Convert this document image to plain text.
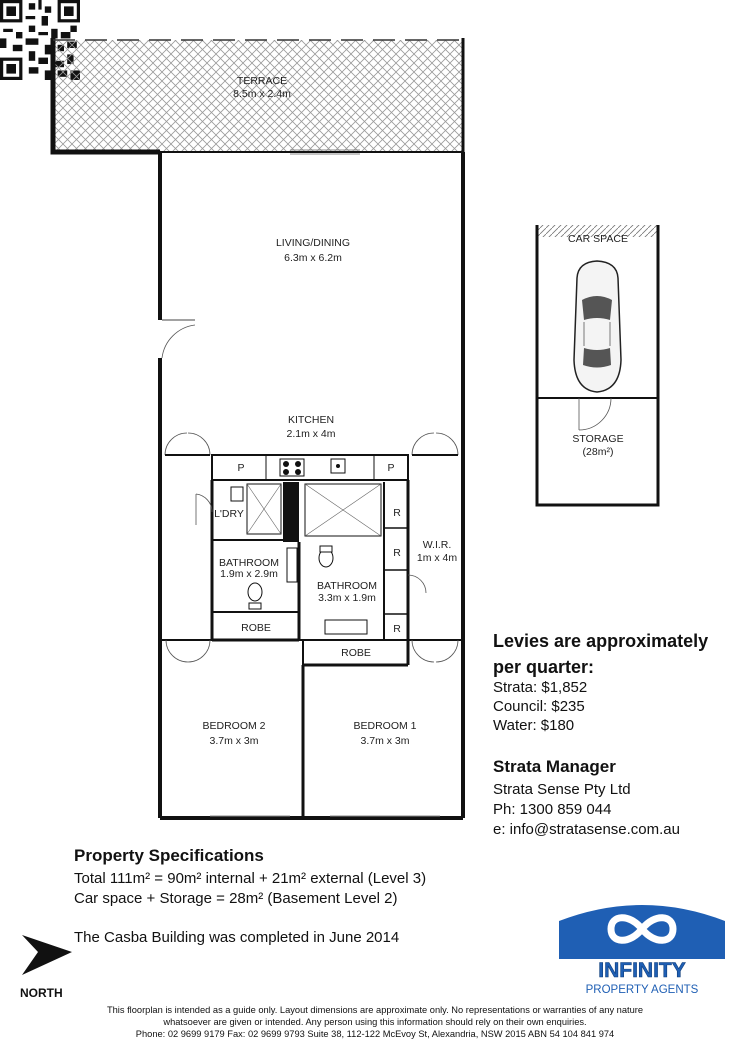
TERRACE
8.5m x 2.4m
LIVING/DINING
6.3m x 6.2m
KITCHEN
2.1m x 4m
L'DRY
BATHROOM
1.9m x 2.9m
BATHROOM
3.3m x 1.9m
W.I.R.
1m x 4m
ROBE
ROBE
BEDROOM 2
3.7m x 3m
BEDROOM 1
3.7m x 3m
CAR SPACE
STORAGE
(28m²)
P	P
R
R
R
Levies are approximately
per quarter:
Strata: $1,852
Council: $235
Water: $180
Strata Manager
Strata Sense Pty Ltd
Ph: 1300 859 044
e: info@stratasense.com.au
Property Specifications
Total 111m² = 90m² internal + 21m² external (Level 3)
Car space + Storage = 28m² (Basement Level 2)
The Casba Building was completed in June 2014
NORTH
INFINITY
PROPERTY AGENTS
This floorplan is intended as a guide only. Layout dimensions are approximate only. No representations or warranties of any nature
whatsoever are given or intended. Any person using this information should rely on their own enquiries.
Phone: 02 9699 9179 Fax: 02 9699 9793 Suite 38, 112-122 McEvoy St, Alexandria, NSW 2015 ABN 54 104 841 974
